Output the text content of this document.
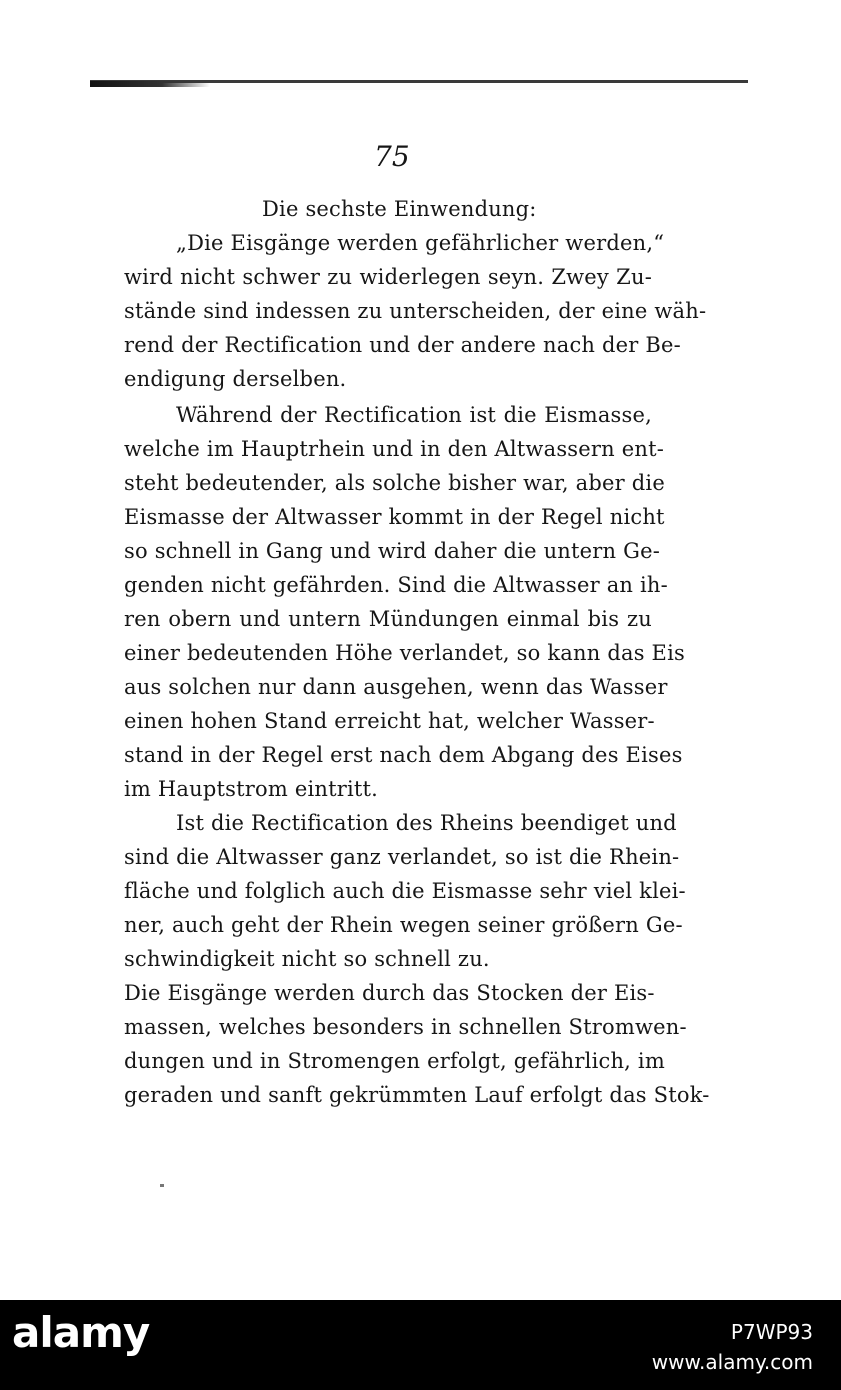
75
Die sechste Einwendung:
„Die Eisgänge werden gefährlicher werden,“
wird nicht schwer zu widerlegen seyn. Zwey Zu-
stände sind indessen zu unterscheiden, der eine wäh-
rend der Rectification und der andere nach der Be-
endigung derselben.
Während der Rectification ist die Eismasse,
welche im Hauptrhein und in den Altwassern ent-
steht bedeutender, als solche bisher war, aber die
Eismasse der Altwasser kommt in der Regel nicht
so schnell in Gang und wird daher die untern Ge-
genden nicht gefährden. Sind die Altwasser an ih-
ren obern und untern Mündungen einmal bis zu
einer bedeutenden Höhe verlandet, so kann das Eis
aus solchen nur dann ausgehen, wenn das Wasser
einen hohen Stand erreicht hat, welcher Wasser-
stand in der Regel erst nach dem Abgang des Eises
im Hauptstrom eintritt.
Ist die Rectification des Rheins beendiget und
sind die Altwasser ganz verlandet, so ist die Rhein-
fläche und folglich auch die Eismasse sehr viel klei-
ner, auch geht der Rhein wegen seiner größern Ge-
schwindigkeit nicht so schnell zu.
Die Eisgänge werden durch das Stocken der Eis-
massen, welches besonders in schnellen Stromwen-
dungen und in Stromengen erfolgt, gefährlich, im
geraden und sanft gekrümmten Lauf erfolgt das Stok-
alamy	P7WP93
www.alamy.com
